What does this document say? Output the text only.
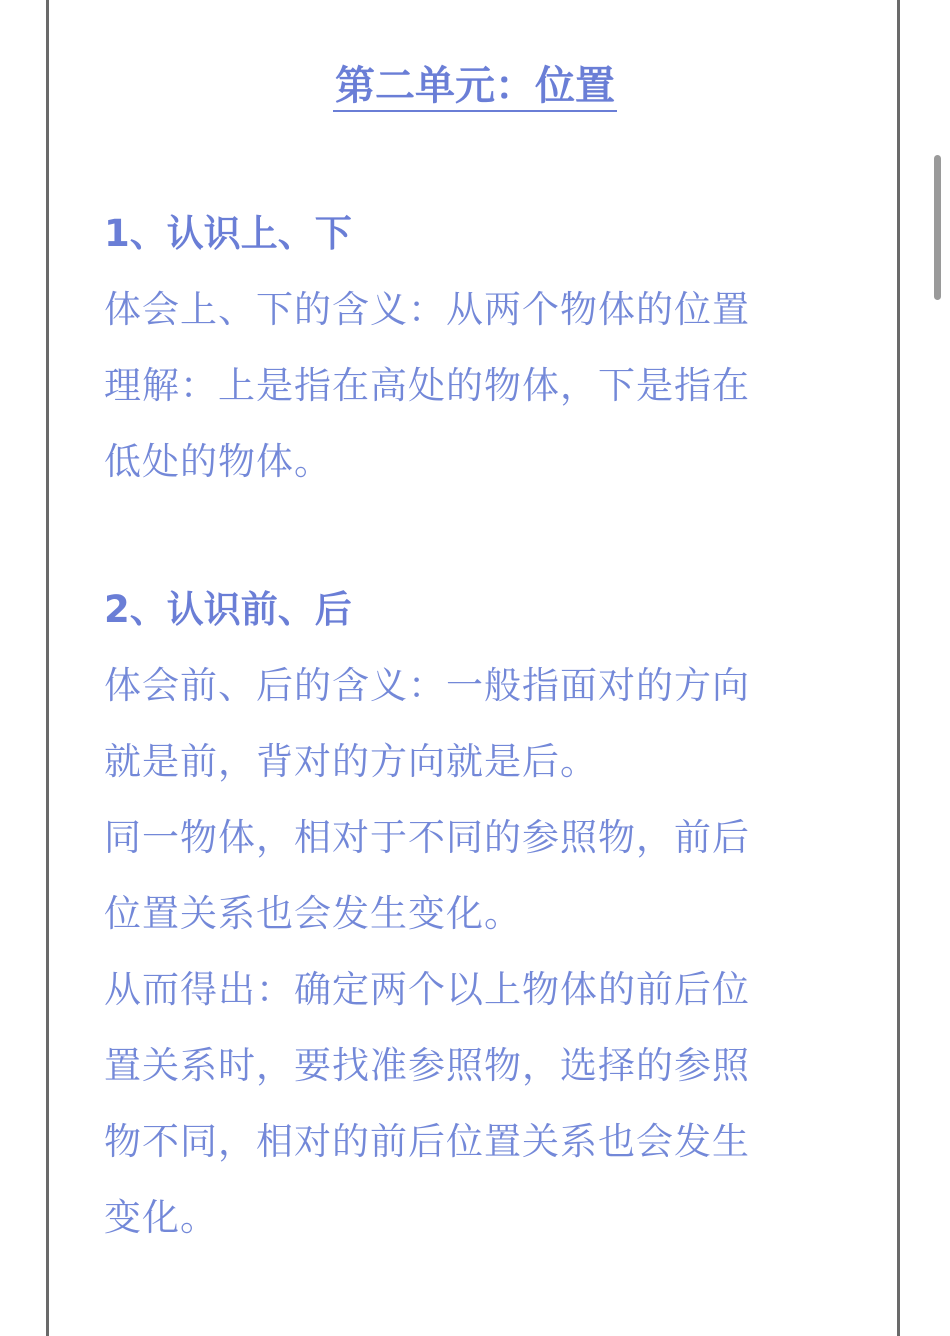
第二单元：位置

1、认识上、下

体会上、下的含义：从两个物体的位置

理解：上是指在高处的物体，下是指在

低处的物体。

2、认识前、后

体会前、后的含义：一般指面对的方向

就是前，背对的方向就是后。

同一物体，相对于不同的参照物，前后

位置关系也会发生变化。

从而得出：确定两个以上物体的前后位

置关系时，要找准参照物，选择的参照

物不同，相对的前后位置关系也会发生

变化。
